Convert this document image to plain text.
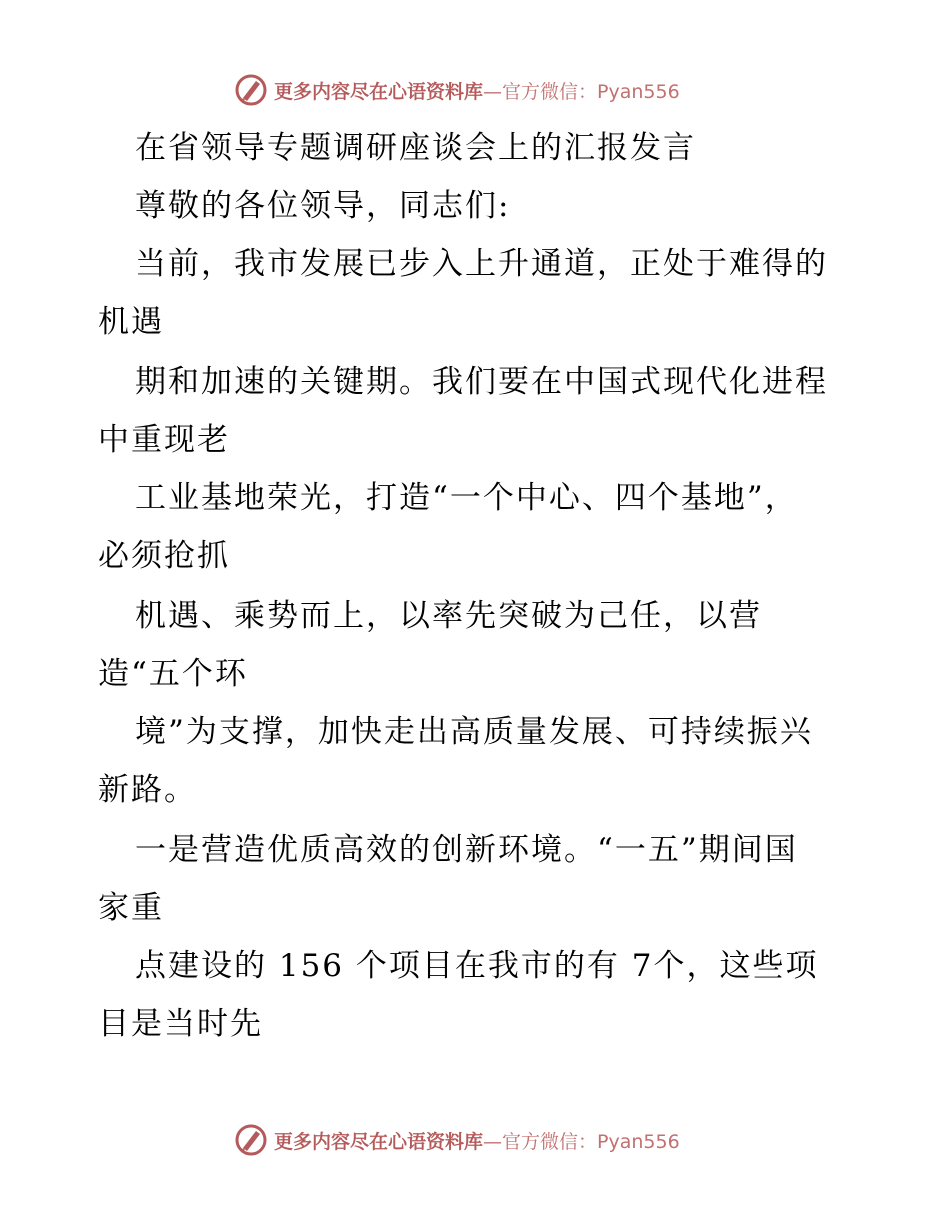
更多内容尽在心语资料库—官方微信：Pyan556
在省领导专题调研座谈会上的汇报发言
尊敬的各位领导，同志们:
当前，我市发展已步入上升通道，正处于难得的
机遇
期和加速的关键期。我们要在中国式现代化进程
中重现老
工业基地荣光，打造“一个中心、四个基地”，
必须抢抓
机遇、乘势而上，以率先突破为己任，以营
造“五个环
境”为支撑，加快走出高质量发展、可持续振兴
新路。
一是营造优质高效的创新环境。“一五”期间国
家重
点建设的 156 个项目在我市的有 7个，这些项
目是当时先
更多内容尽在心语资料库—官方微信：Pyan556
